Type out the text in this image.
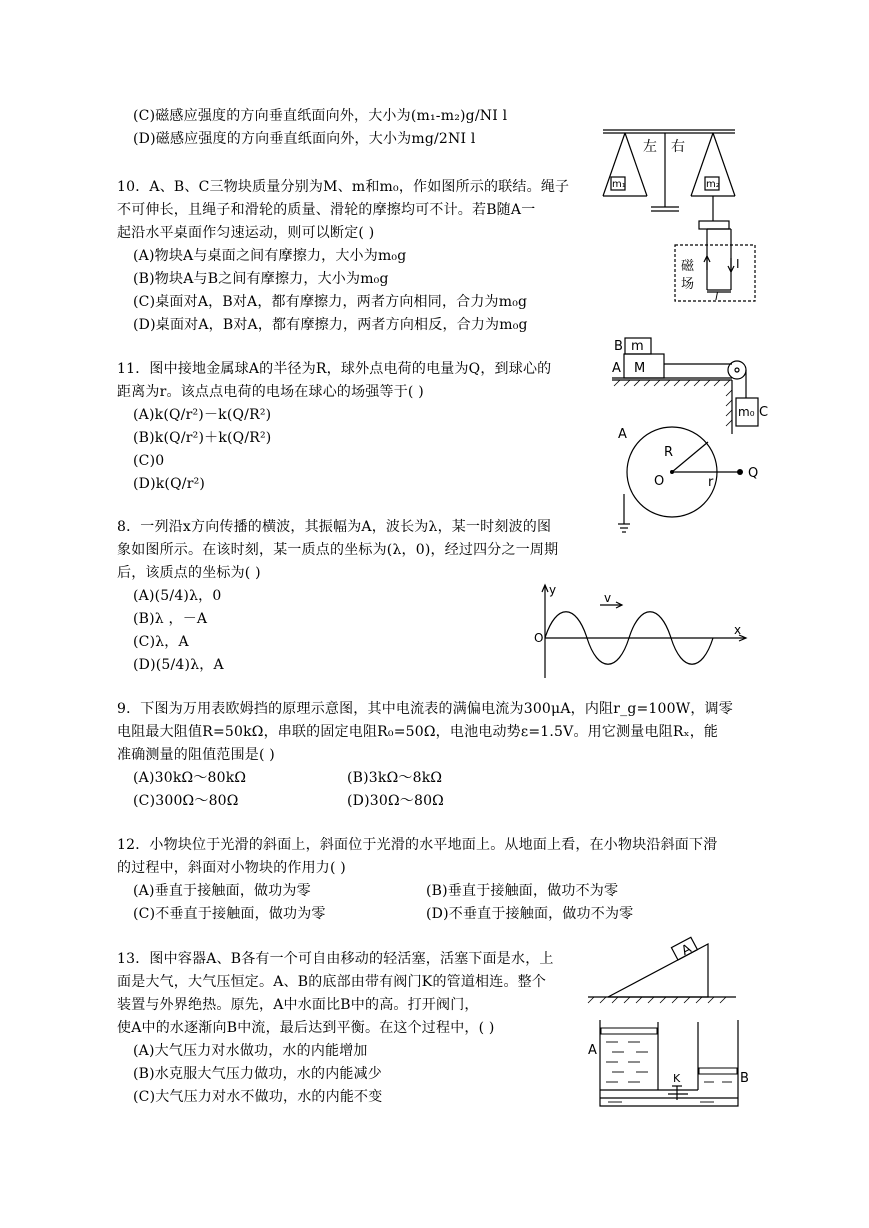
(C)磁感应强度的方向垂直纸面向外，大小为(m₁-m₂)g/NI l
(D)磁感应强度的方向垂直纸面向外，大小为mg/2NI l
10．A、B、C三物块质量分别为M、m和m₀，作如图所示的联结。绳子
不可伸长，且绳子和滑轮的质量、滑轮的摩擦均可不计。若B随A一
起沿水平桌面作匀速运动，则可以断定( )
(A)物块A与桌面之间有摩擦力，大小为m₀g
(B)物块A与B之间有摩擦力，大小为m₀g
(C)桌面对A，B对A，都有摩擦力，两者方向相同，合力为m₀g
(D)桌面对A，B对A，都有摩擦力，两者方向相反，合力为m₀g
11．图中接地金属球A的半径为R，球外点电荷的电量为Q，到球心的
距离为r。该点点电荷的电场在球心的场强等于( )
(A)k(Q/r²)－k(Q/R²)
(B)k(Q/r²)＋k(Q/R²)
(C)0
(D)k(Q/r²)
8．一列沿x方向传播的横波，其振幅为A，波长为λ，某一时刻波的图
象如图所示。在该时刻，某一质点的坐标为(λ，0)，经过四分之一周期
后，该质点的坐标为( )
(A)(5/4)λ，0
(B)λ ，－A
(C)λ，A
(D)(5/4)λ，A
9．下图为万用表欧姆挡的原理示意图，其中电流表的满偏电流为300μA，内阻r_g=100W，调零
电阻最大阻值R=50kΩ，串联的固定电阻R₀=50Ω，电池电动势ε=1.5V。用它测量电阻Rₓ，能
准确测量的阻值范围是( )
(A)30kΩ～80kΩ	(B)3kΩ～8kΩ
(C)300Ω～80Ω	(D)30Ω～80Ω
12．小物块位于光滑的斜面上，斜面位于光滑的水平地面上。从地面上看，在小物块沿斜面下滑
的过程中，斜面对小物块的作用力( )
(A)垂直于接触面，做功为零	(B)垂直于接触面，做功不为零
(C)不垂直于接触面，做功为零	(D)不垂直于接触面，做功不为零
13．图中容器A、B各有一个可自由移动的轻活塞，活塞下面是水，上
面是大气，大气压恒定。A、B的底部由带有阀门K的管道相连。整个
装置与外界绝热。原先，A中水面比B中的高。打开阀门，
使A中的水逐渐向B中流，最后达到平衡。在这个过程中，( )
(A)大气压力对水做功，水的内能增加
(B)水克服大气压力做功，水的内能减少
(C)大气压力对水不做功，水的内能不变
左 右
m₁	m₂
磁
场
I
l
B m
A M
m₀ C
A
R
O	r
Q
y
x
v
O
A
A
B
K
